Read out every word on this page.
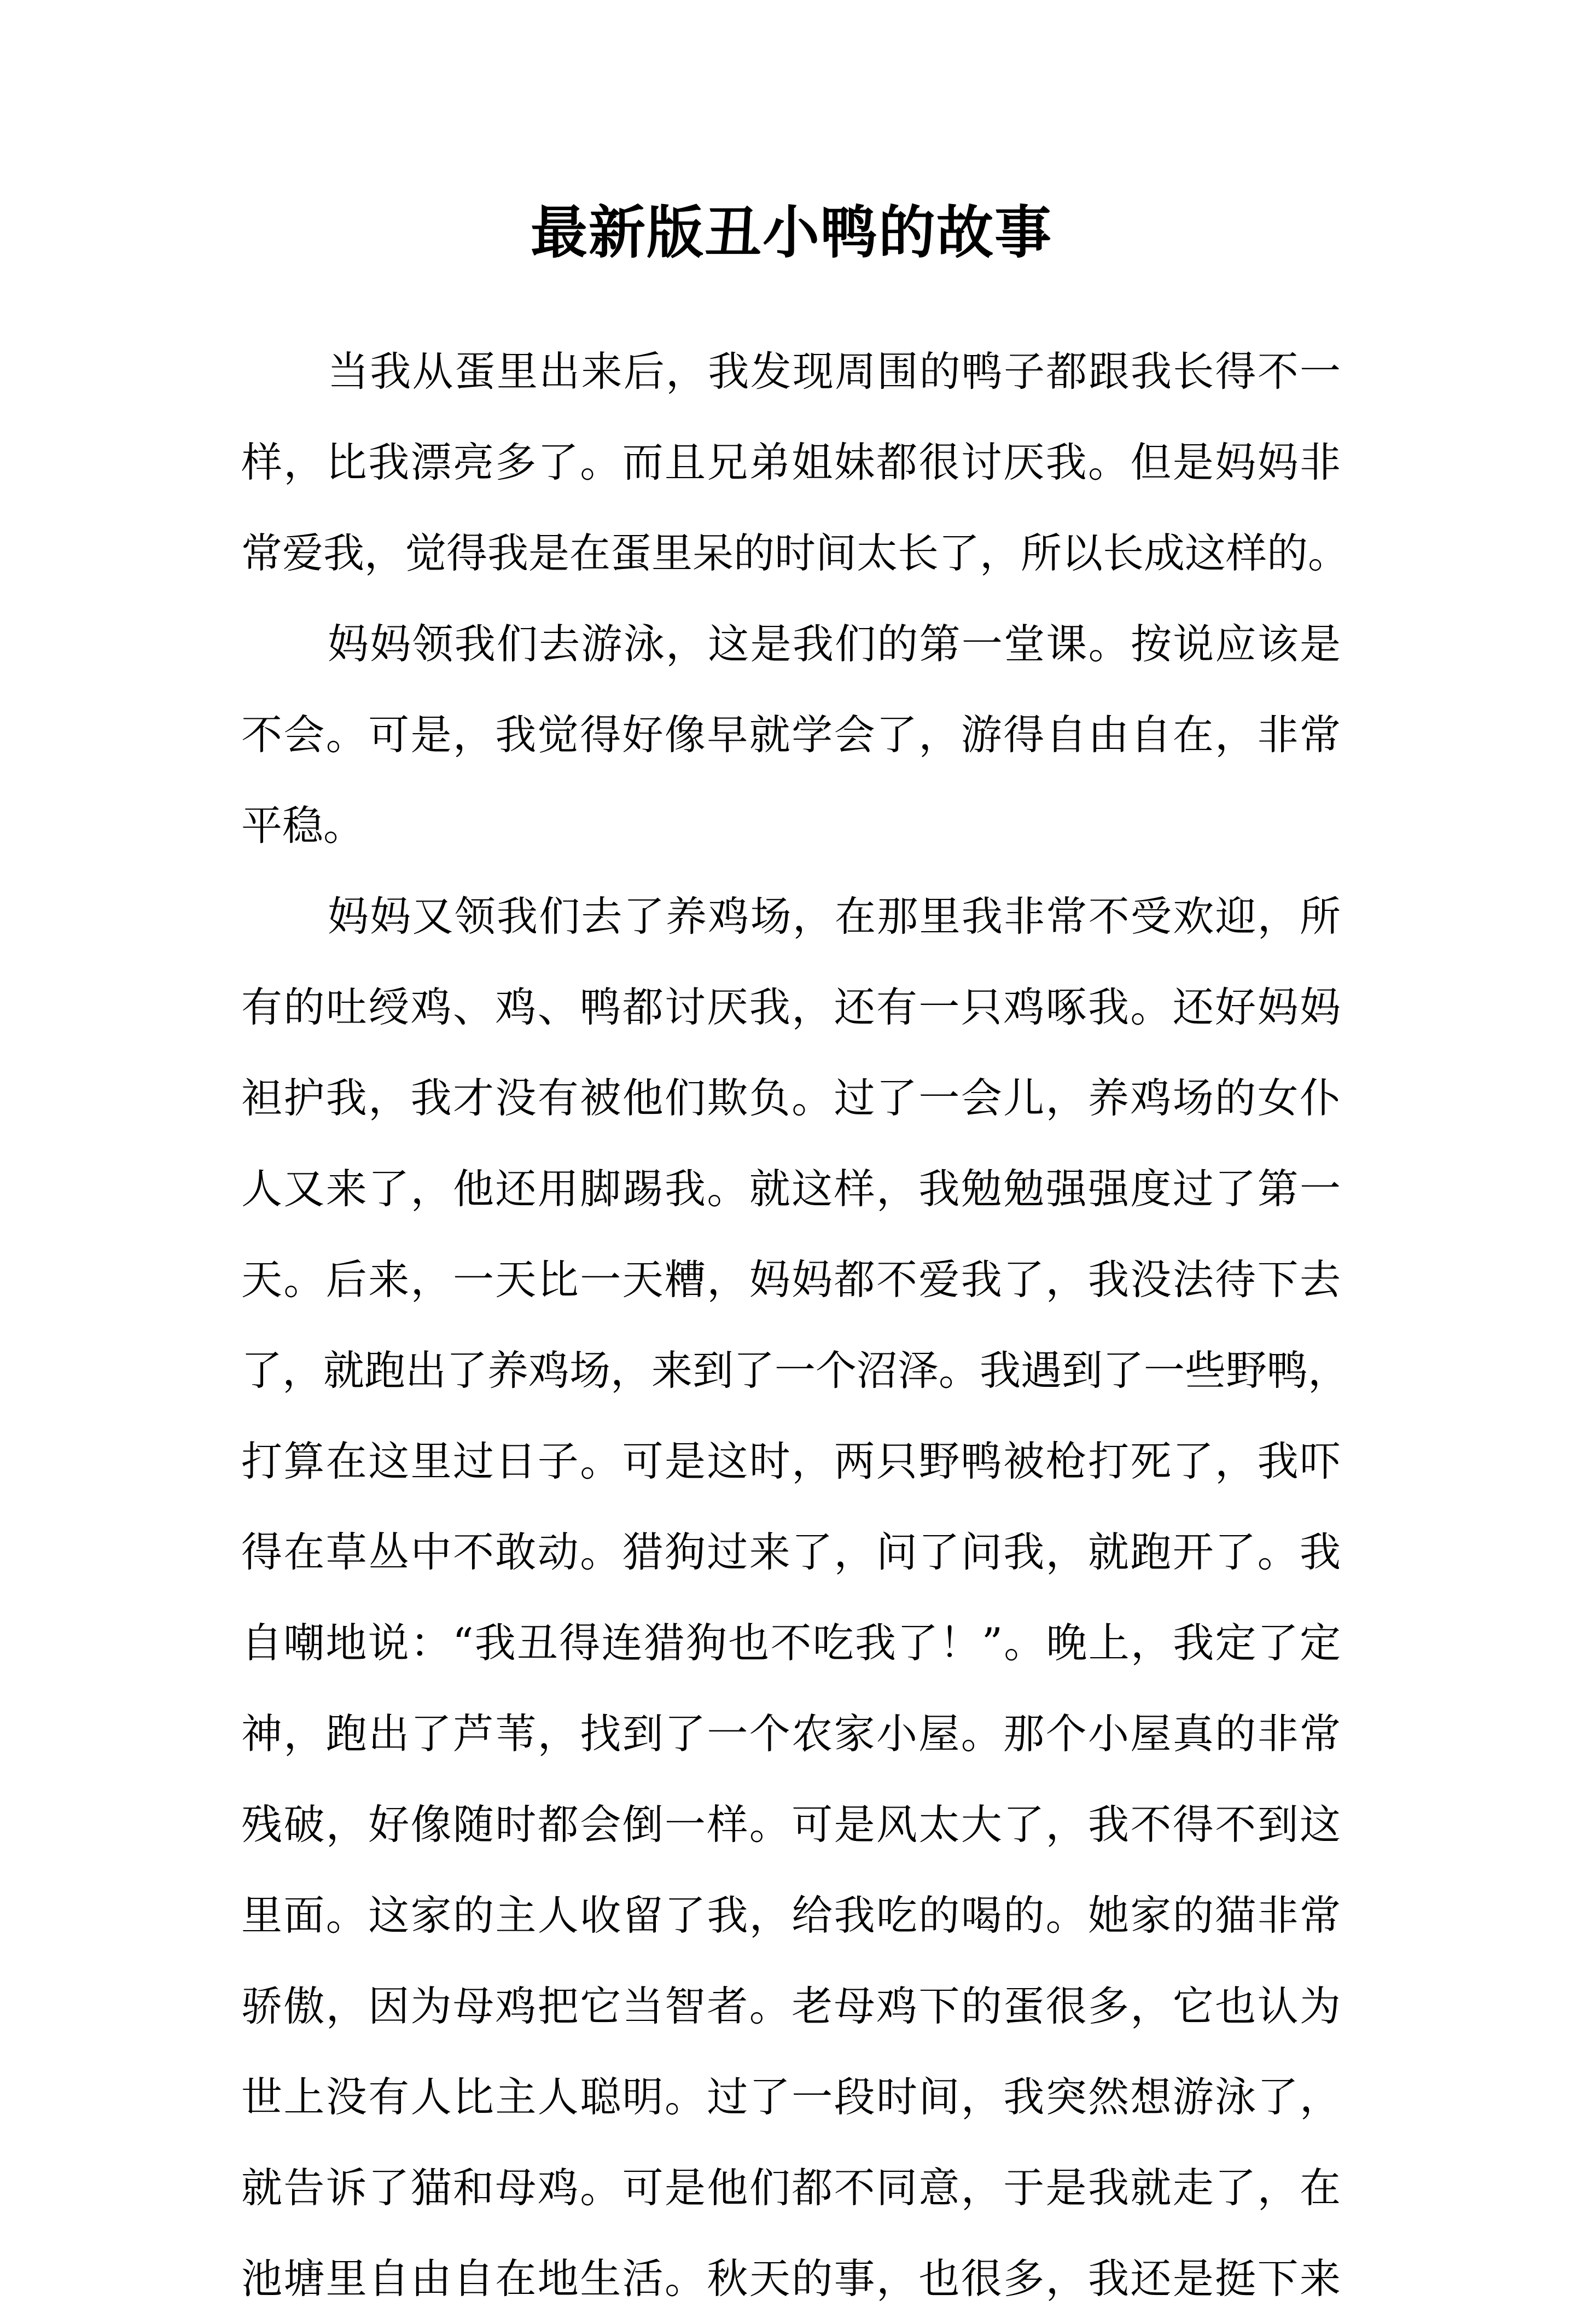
最新版丑小鸭的故事
当我从蛋里出来后，我发现周围的鸭子都跟我长得不一
样，比我漂亮多了。而且兄弟姐妹都很讨厌我。但是妈妈非
常爱我，觉得我是在蛋里呆的时间太长了，所以长成这样的。
妈妈领我们去游泳，这是我们的第一堂课。按说应该是
不会。可是，我觉得好像早就学会了，游得自由自在，非常
平稳。
妈妈又领我们去了养鸡场，在那里我非常不受欢迎，所
有的吐绶鸡、鸡、鸭都讨厌我，还有一只鸡啄我。还好妈妈
袒护我，我才没有被他们欺负。过了一会儿，养鸡场的女仆
人又来了，他还用脚踢我。就这样，我勉勉强强度过了第一
天。后来，一天比一天糟，妈妈都不爱我了，我没法待下去
了，就跑出了养鸡场，来到了一个沼泽。我遇到了一些野鸭，
打算在这里过日子。可是这时，两只野鸭被枪打死了，我吓
得在草丛中不敢动。猎狗过来了，问了问我，就跑开了。我
自嘲地说：“我丑得连猎狗也不吃我了！”。晚上，我定了定
神，跑出了芦苇，找到了一个农家小屋。那个小屋真的非常
残破，好像随时都会倒一样。可是风太大了，我不得不到这
里面。这家的主人收留了我，给我吃的喝的。她家的猫非常
骄傲，因为母鸡把它当智者。老母鸡下的蛋很多，它也认为
世上没有人比主人聪明。过了一段时间，我突然想游泳了，
就告诉了猫和母鸡。可是他们都不同意，于是我就走了，在
池塘里自由自在地生活。秋天的事，也很多，我还是挺下来
